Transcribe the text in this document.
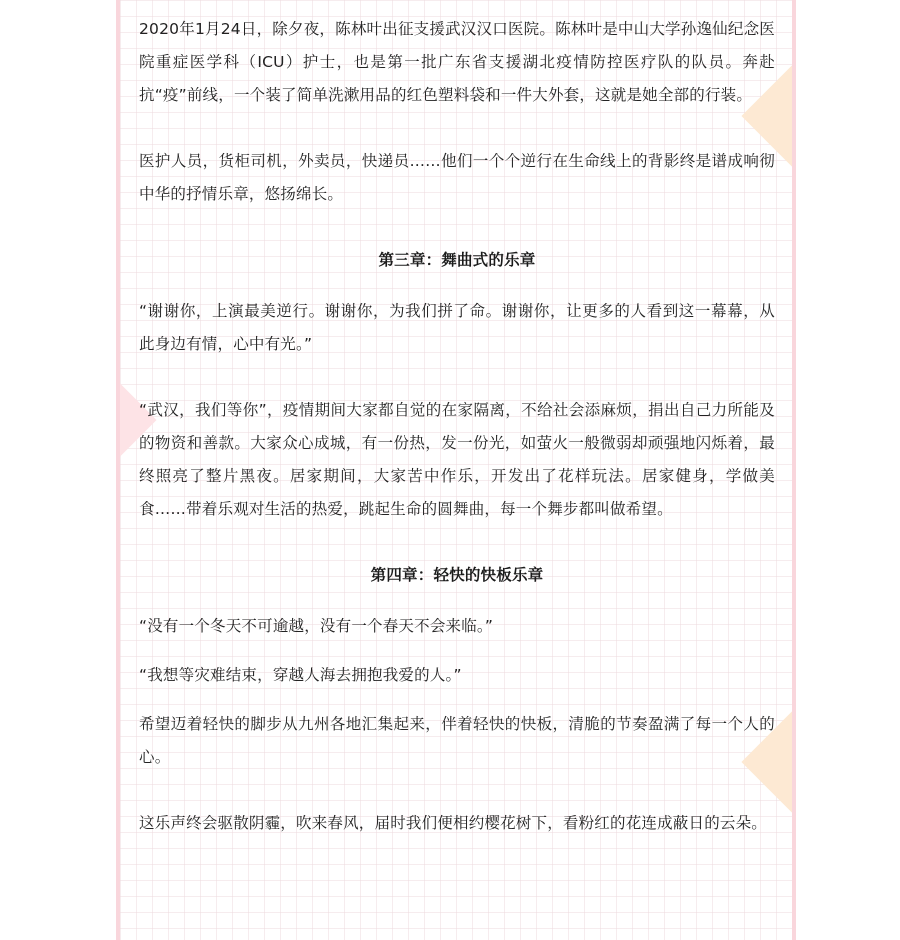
2020年1月24日，除夕夜，陈林叶出征支援武汉汉口医院。陈林叶是中山大学孙逸仙纪念医院重症医学科（ICU）护士，也是第一批广东省支援湖北疫情防控医疗队的队员。奔赴抗“疫”前线，一个装了简单洗漱用品的红色塑料袋和一件大外套，这就是她全部的行装。

医护人员，货柜司机，外卖员，快递员……他们一个个逆行在生命线上的背影终是谱成响彻中华的抒情乐章，悠扬绵长。

第三章：舞曲式的乐章

“谢谢你，上演最美逆行。谢谢你，为我们拼了命。谢谢你，让更多的人看到这一幕幕，从此身边有情，心中有光。”

“武汉，我们等你”，疫情期间大家都自觉的在家隔离，不给社会添麻烦，捐出自己力所能及的物资和善款。大家众心成城，有一份热，发一份光，如萤火一般微弱却顽强地闪烁着，最终照亮了整片黑夜。居家期间，大家苦中作乐，开发出了花样玩法。居家健身，学做美食……带着乐观对生活的热爱，跳起生命的圆舞曲，每一个舞步都叫做希望。

第四章：轻快的快板乐章

“没有一个冬天不可逾越，没有一个春天不会来临。”

“我想等灾难结束，穿越人海去拥抱我爱的人。”

希望迈着轻快的脚步从九州各地汇集起来，伴着轻快的快板，清脆的节奏盈满了每一个人的心。

这乐声终会驱散阴霾，吹来春风，届时我们便相约樱花树下，看粉红的花连成蔽日的云朵。
